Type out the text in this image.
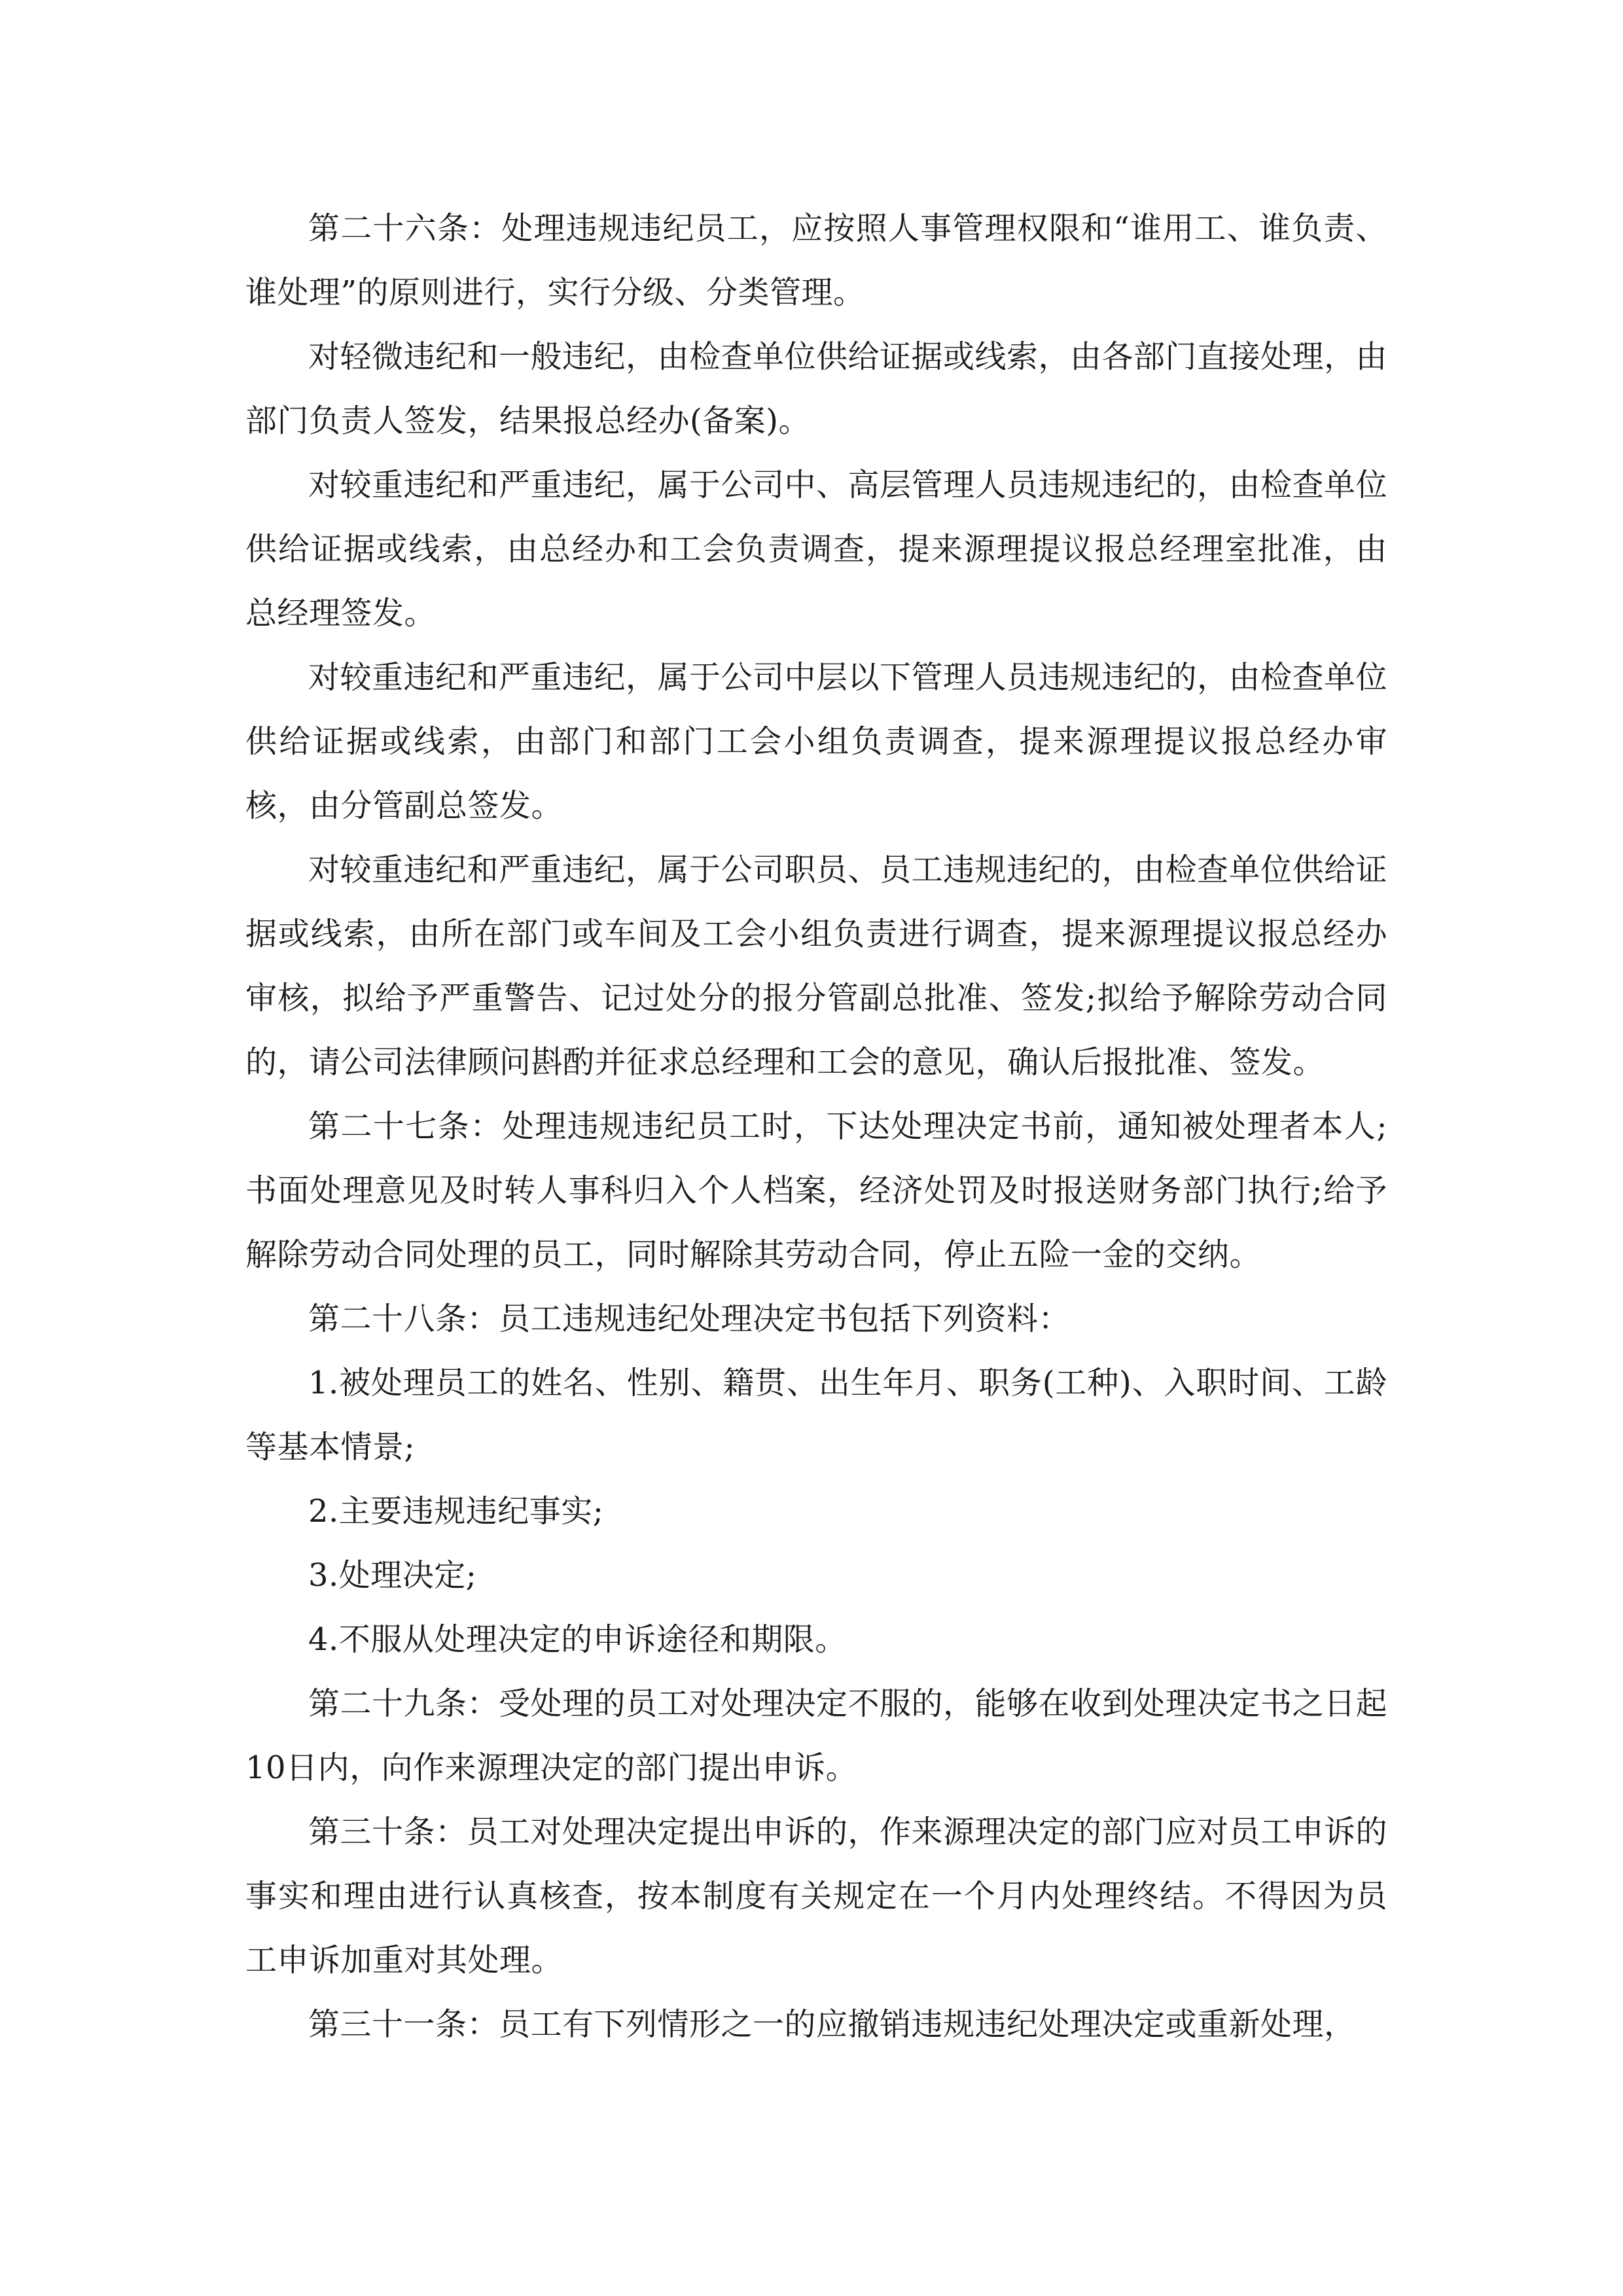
第二十六条：处理违规违纪员工，应按照人事管理权限和“谁用工、谁负责、谁处理”的原则进行，实行分级、分类管理。

对轻微违纪和一般违纪，由检查单位供给证据或线索，由各部门直接处理，由部门负责人签发，结果报总经办(备案)。

对较重违纪和严重违纪，属于公司中、高层管理人员违规违纪的，由检查单位供给证据或线索，由总经办和工会负责调查，提来源理提议报总经理室批准，由总经理签发。

对较重违纪和严重违纪，属于公司中层以下管理人员违规违纪的，由检查单位供给证据或线索，由部门和部门工会小组负责调查，提来源理提议报总经办审核，由分管副总签发。

对较重违纪和严重违纪，属于公司职员、员工违规违纪的，由检查单位供给证据或线索，由所在部门或车间及工会小组负责进行调查，提来源理提议报总经办审核，拟给予严重警告、记过处分的报分管副总批准、签发;拟给予解除劳动合同的，请公司法律顾问斟酌并征求总经理和工会的意见，确认后报批准、签发。

第二十七条：处理违规违纪员工时，下达处理决定书前，通知被处理者本人;书面处理意见及时转人事科归入个人档案，经济处罚及时报送财务部门执行;给予解除劳动合同处理的员工，同时解除其劳动合同，停止五险一金的交纳。

第二十八条：员工违规违纪处理决定书包括下列资料：

1.被处理员工的姓名、性别、籍贯、出生年月、职务(工种)、入职时间、工龄等基本情景;

2.主要违规违纪事实;

3.处理决定;

4.不服从处理决定的申诉途径和期限。

第二十九条：受处理的员工对处理决定不服的，能够在收到处理决定书之日起10日内，向作来源理决定的部门提出申诉。

第三十条：员工对处理决定提出申诉的，作来源理决定的部门应对员工申诉的事实和理由进行认真核查，按本制度有关规定在一个月内处理终结。不得因为员工申诉加重对其处理。

第三十一条：员工有下列情形之一的应撤销违规违纪处理决定或重新处理，
